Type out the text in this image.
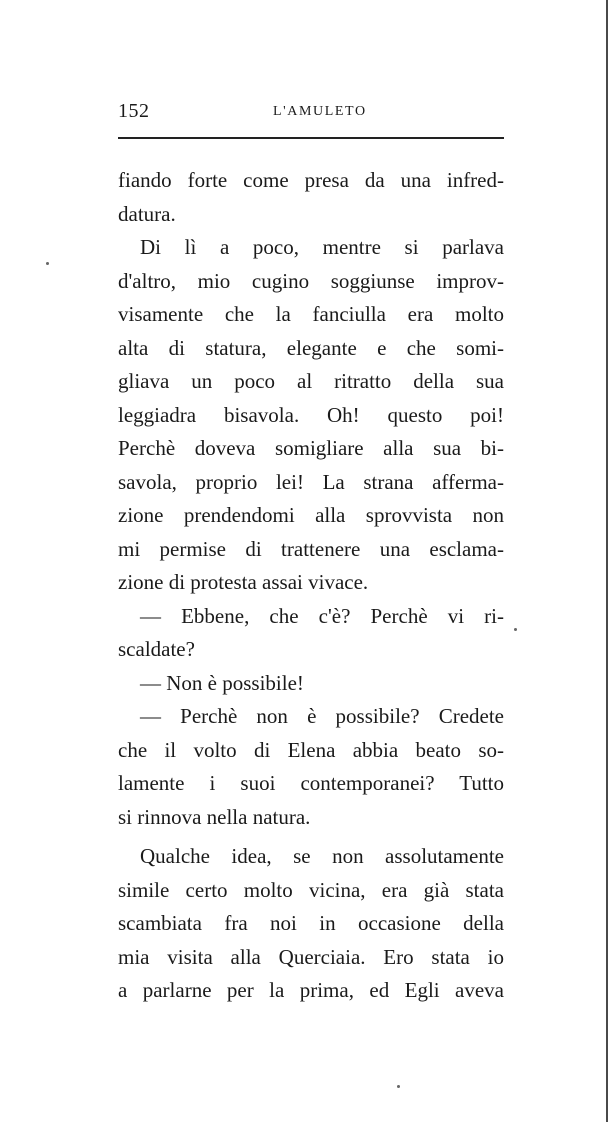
152	L'AMULETO
fiando forte come presa da una infred-
datura.
Di lì a poco, mentre si parlava
d'altro, mio cugino soggiunse improv-
visamente che la fanciulla era molto
alta di statura, elegante e che somi-
gliava un poco al ritratto della sua
leggiadra bisavola. Oh! questo poi!
Perchè doveva somigliare alla sua bi-
savola, proprio lei! La strana afferma-
zione prendendomi alla sprovvista non
mi permise di trattenere una esclama-
zione di protesta assai vivace.
— Ebbene, che c'è? Perchè vi ri-
scaldate?
— Non è possibile!
— Perchè non è possibile? Credete
che il volto di Elena abbia beato so-
lamente i suoi contemporanei? Tutto
si rinnova nella natura.
Qualche idea, se non assolutamente
simile certo molto vicina, era già stata
scambiata fra noi in occasione della
mia visita alla Querciaia. Ero stata io
a parlarne per la prima, ed Egli aveva
